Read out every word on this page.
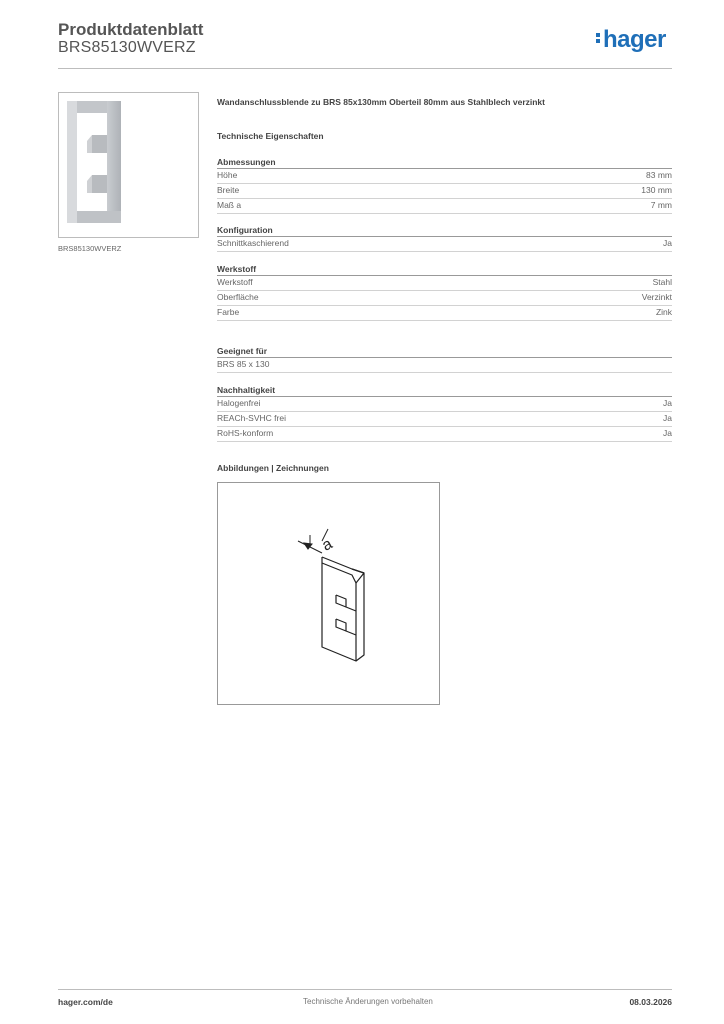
Produktdatenblatt
BRS85130WVERZ	hager
BRS85130WVERZ
Wandanschlussblende zu BRS 85x130mm Oberteil 80mm aus Stahlblech verzinkt
Technische Eigenschaften
Abmessungen
Höhe	83 mm
Breite	130 mm
Maß a	7 mm
Konfiguration
Schnittkaschierend	Ja
Werkstoff
Werkstoff	Stahl
Oberfläche	Verzinkt
Farbe	Zink
Geeignet für
BRS 85 x 130
Nachhaltigkeit
Halogenfrei	Ja
REACh-SVHC frei	Ja
RoHS-konform	Ja
Abbildungen | Zeichnungen
a
hager.com/de	Technische Änderungen vorbehalten	08.03.2026
